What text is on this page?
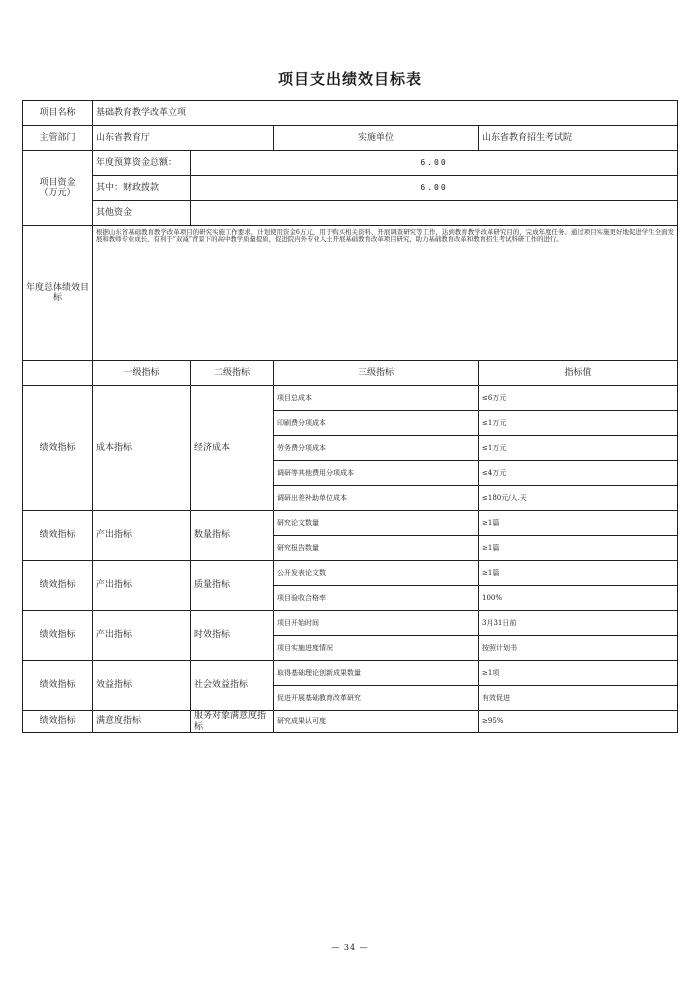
项目支出绩效目标表
项目名称	基础教育教学改革立项			
主管部门	山东省教育厅		实施单位	山东省教育招生考试院
项目资金
（万元）	年度预算资金总额：	6.00		
	其中：财政拨款	6.00		
	其他资金			
年度总体绩效目标	根据山东省基础教育教学改革项目的研究实施工作要求，计划使用资金6万元，用于购买相关资料、开展调查研究等工作，达到教育教学改革研究目的，完成年度任务。通过项目实施更好地促进学生全面发展和教师专业成长，有利于“双减”背景下的高中教学质量提质，促进院内外专业人士开展基础教育改革项目研究，助力基础教育改革和教育招生考试科研工作的进行。			
	一级指标	二级指标	三级指标	指标值
绩效指标	成本指标	经济成本	项目总成本	≤6万元
			印刷费分项成本	≤1万元
			劳务费分项成本	≤1万元
			调研等其他费用分项成本	≤4万元
			调研出差补助单位成本	≤180元/人.天
绩效指标	产出指标	数量指标	研究论文数量	≥1篇
			研究报告数量	≥1篇
绩效指标	产出指标	质量指标	公开发表论文数	≥1篇
			项目验收合格率	100%
绩效指标	产出指标	时效指标	项目开始时间	3月31日前
			项目实施进度情况	按照计划书
绩效指标	效益指标	社会效益指标	取得基础理论创新成果数量	≥1项
			促进开展基础教育改革研究	有效促进
绩效指标	满意度指标	服务对象满意度指标	研究成果认可度	≥95%
— 34 —
